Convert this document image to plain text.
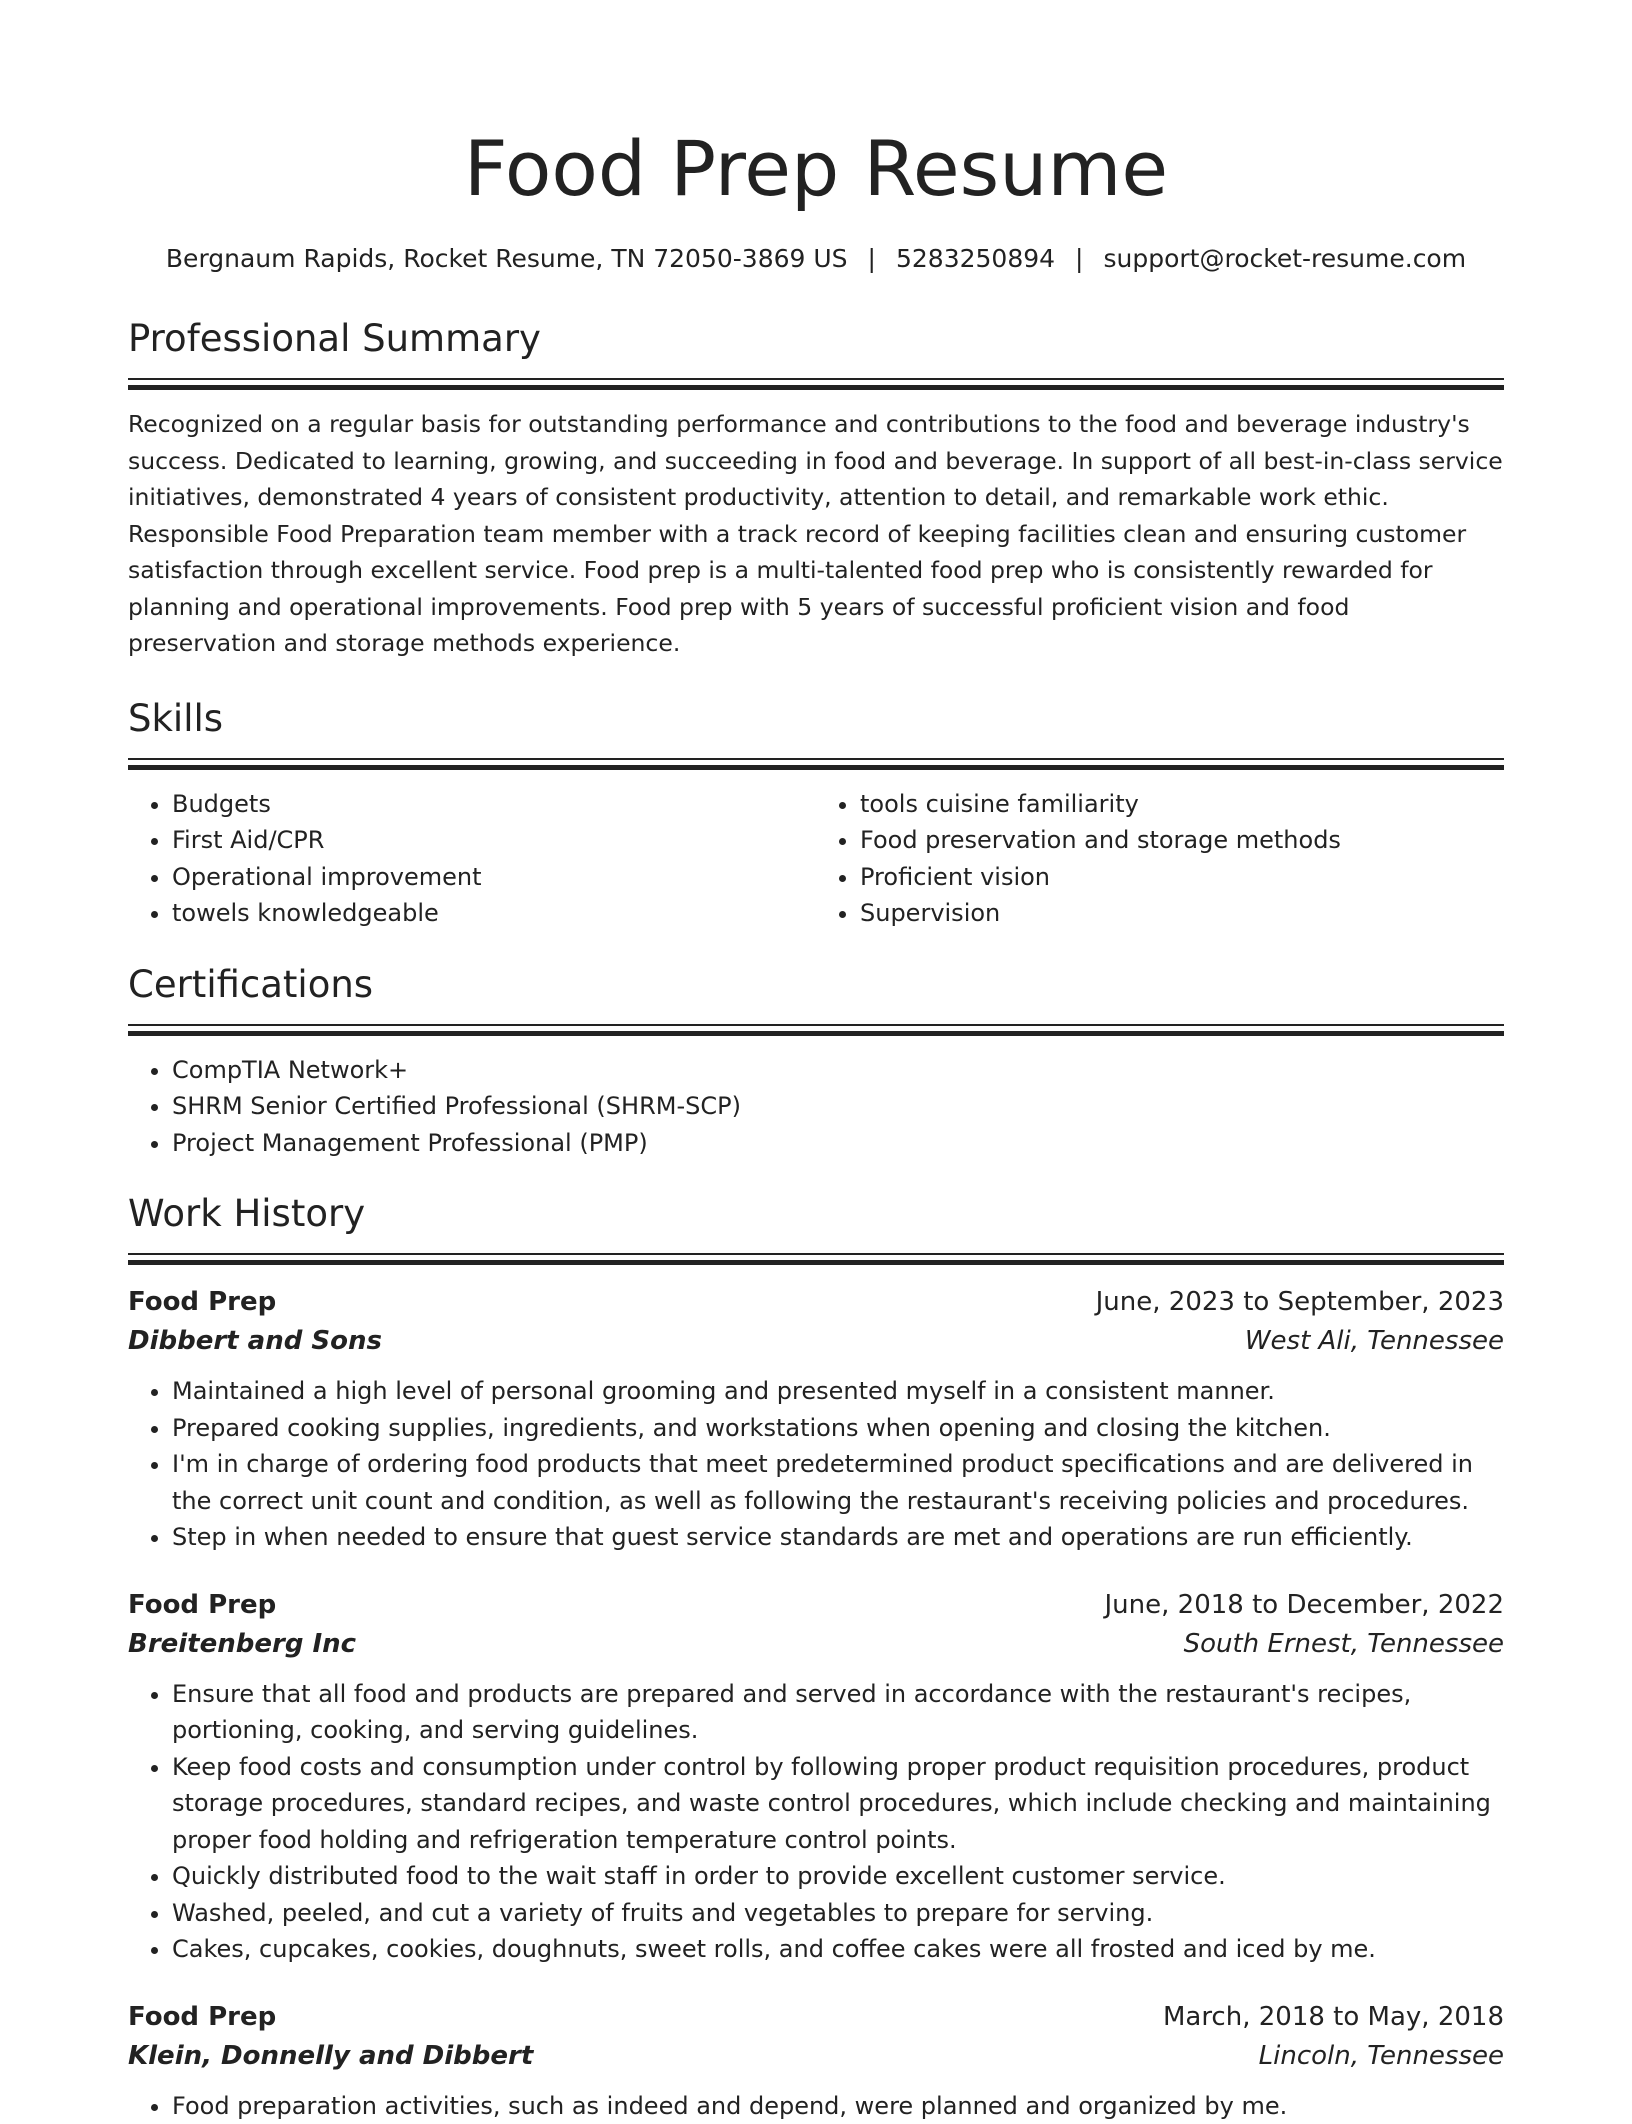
Food Prep Resume
Bergnaum Rapids, Rocket Resume, TN 72050-3869 US | 5283250894 | support@rocket-resume.com
Professional Summary

Recognized on a regular basis for outstanding performance and contributions to the food and beverage industry's success. Dedicated to learning, growing, and succeeding in food and beverage. In support of all best-in-class service initiatives, demonstrated 4 years of consistent productivity, attention to detail, and remarkable work ethic. Responsible Food Preparation team member with a track record of keeping facilities clean and ensuring customer satisfaction through excellent service. Food prep is a multi-talented food prep who is consistently rewarded for planning and operational improvements. Food prep with 5 years of successful proficient vision and food preservation and storage methods experience.

Skills
• Budgets
• First Aid/CPR
• Operational improvement
• towels knowledgeable
• tools cuisine familiarity
• Food preservation and storage methods
• Proficient vision
• Supervision
Certifications
• CompTIA Network+
• SHRM Senior Certified Professional (SHRM-SCP)
• Project Management Professional (PMP)
Work History
Food Prep	June, 2023 to September, 2023
Dibbert and Sons	West Ali, Tennessee
• Maintained a high level of personal grooming and presented myself in a consistent manner.
• Prepared cooking supplies, ingredients, and workstations when opening and closing the kitchen.
• I'm in charge of ordering food products that meet predetermined product specifications and are delivered in the correct unit count and condition, as well as following the restaurant's receiving policies and procedures.
• Step in when needed to ensure that guest service standards are met and operations are run efficiently.
Food Prep	June, 2018 to December, 2022
Breitenberg Inc	South Ernest, Tennessee
• Ensure that all food and products are prepared and served in accordance with the restaurant's recipes, portioning, cooking, and serving guidelines.
• Keep food costs and consumption under control by following proper product requisition procedures, product storage procedures, standard recipes, and waste control procedures, which include checking and maintaining proper food holding and refrigeration temperature control points.
• Quickly distributed food to the wait staff in order to provide excellent customer service.
• Washed, peeled, and cut a variety of fruits and vegetables to prepare for serving.
• Cakes, cupcakes, cookies, doughnuts, sweet rolls, and coffee cakes were all frosted and iced by me.
Food Prep	March, 2018 to May, 2018
Klein, Donnelly and Dibbert	Lincoln, Tennessee
• Food preparation activities, such as indeed and depend, were planned and organized by me.
